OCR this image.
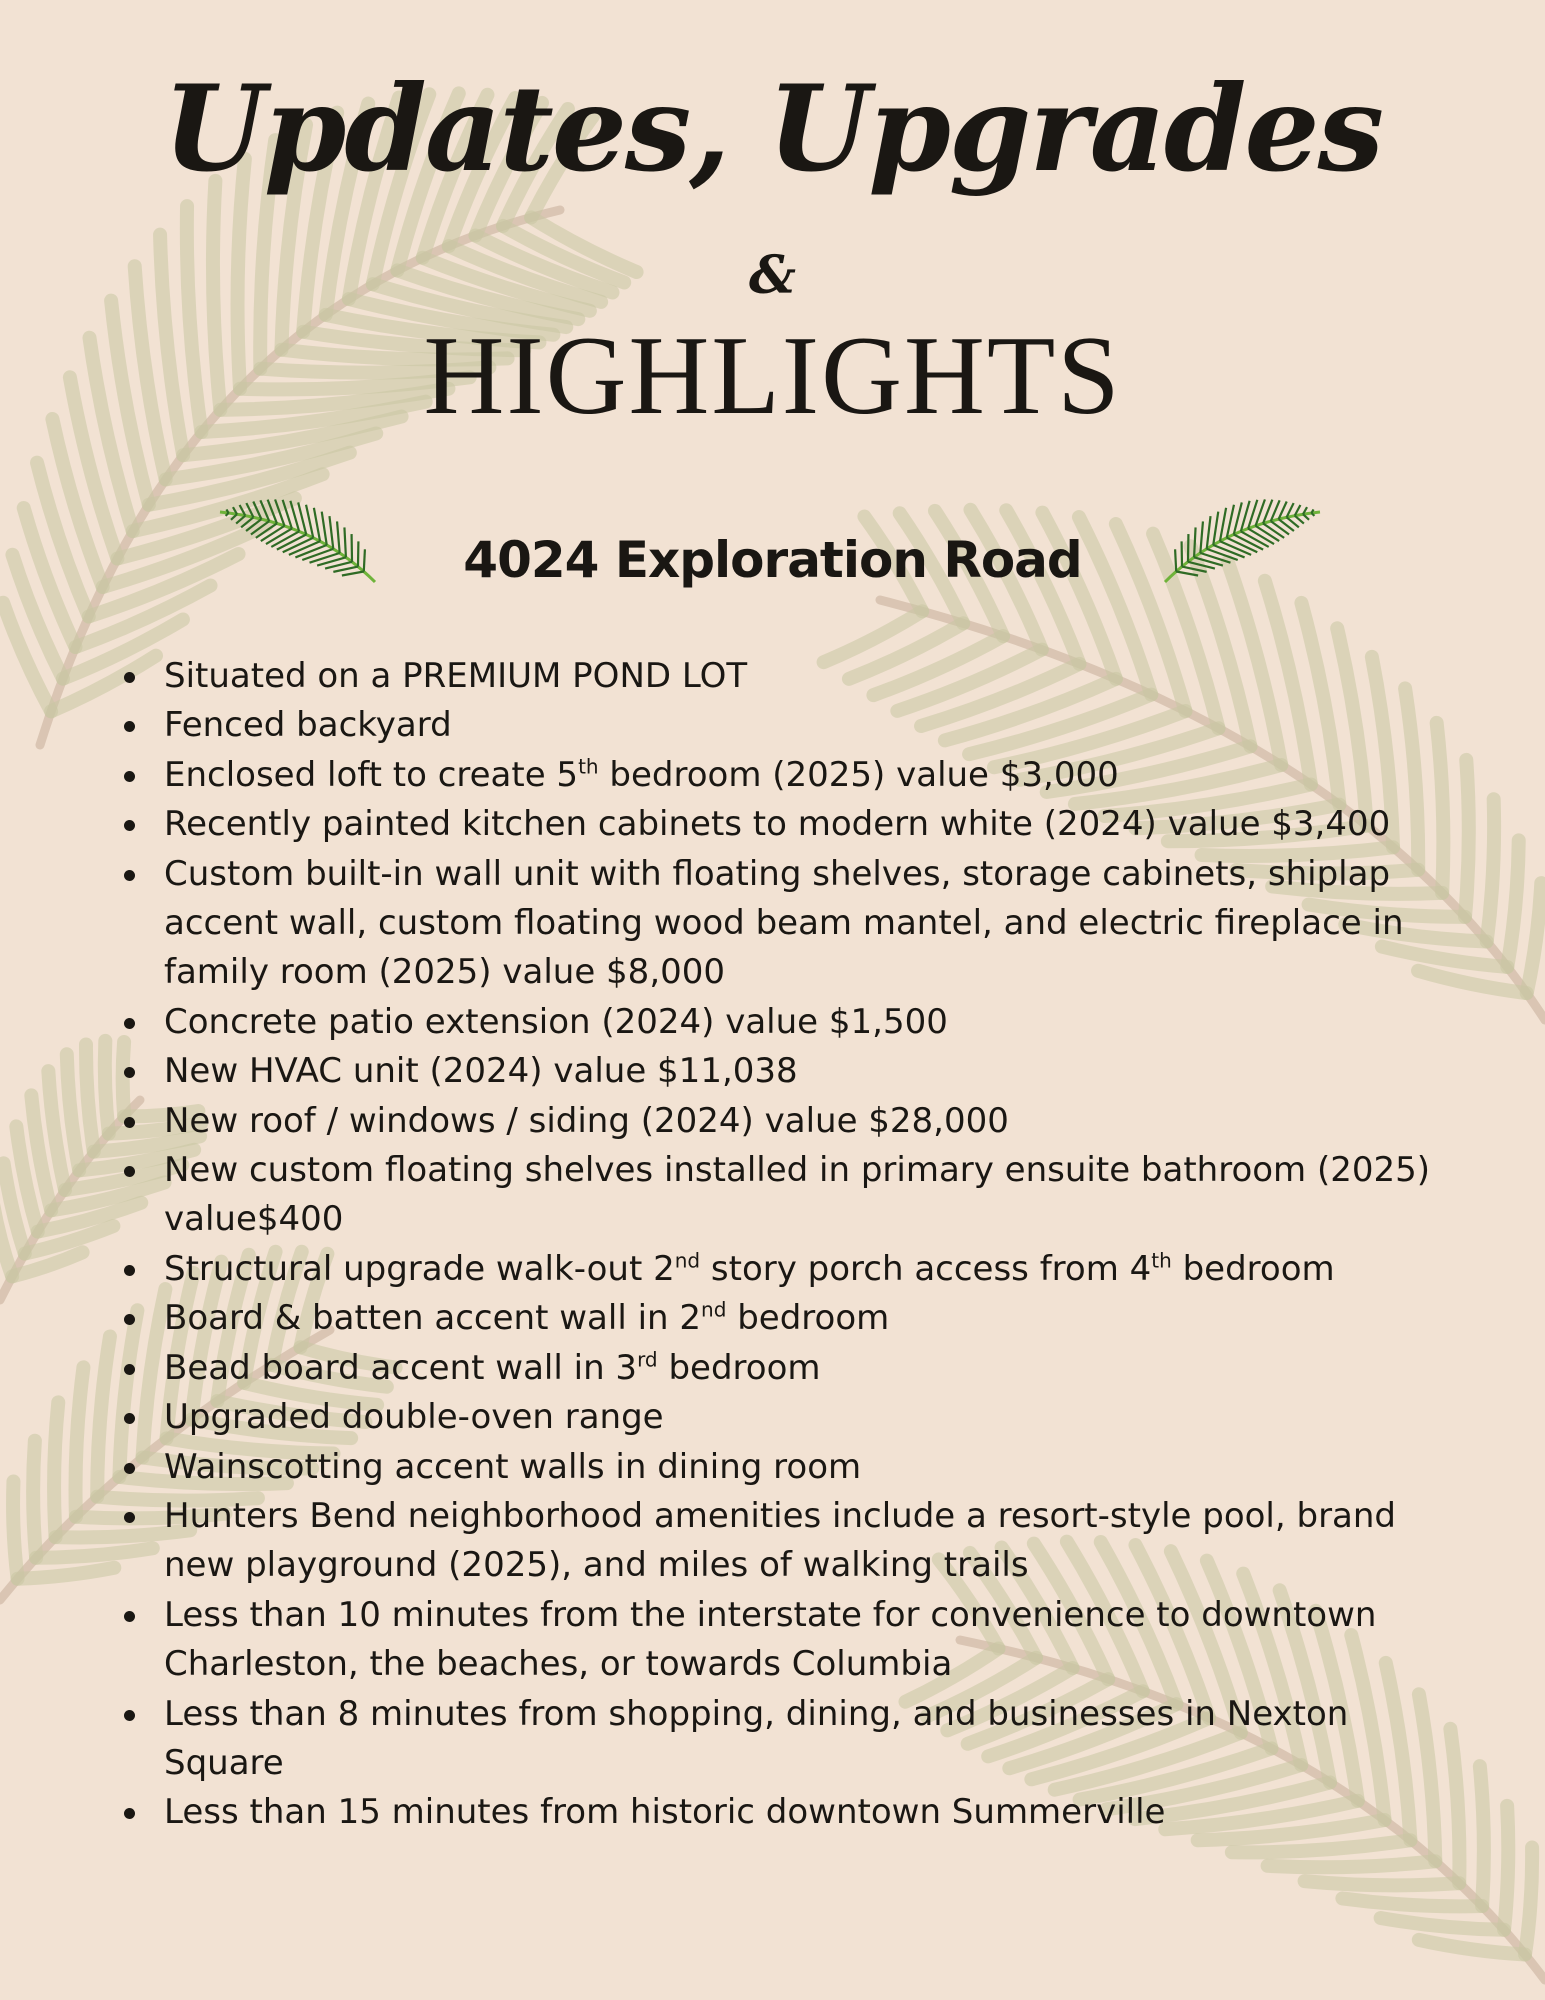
Updates, Upgrades
&
HIGHLIGHTS
4024 Exploration Road
Situated on a PREMIUM POND LOT
Fenced backyard
Enclosed loft to create 5th bedroom (2025) value $3,000
Recently painted kitchen cabinets to modern white (2024) value $3,400
Custom built-in wall unit with floating shelves, storage cabinets, shiplap accent wall, custom floating wood beam mantel, and electric fireplace in family room (2025) value $8,000
Concrete patio extension (2024) value $1,500
New HVAC unit (2024) value $11,038
New roof / windows / siding (2024) value $28,000
New custom floating shelves installed in primary ensuite bathroom (2025) value$400
Structural upgrade walk-out 2nd story porch access from 4th bedroom
Board & batten accent wall in 2nd bedroom
Bead board accent wall in 3rd bedroom
Upgraded double-oven range
Wainscotting accent walls in dining room
Hunters Bend neighborhood amenities include a resort-style pool, brand new playground (2025), and miles of walking trails
Less than 10 minutes from the interstate for convenience to downtown Charleston, the beaches, or towards Columbia
Less than 8 minutes from shopping, dining, and businesses in Nexton Square
Less than 15 minutes from historic downtown Summerville
